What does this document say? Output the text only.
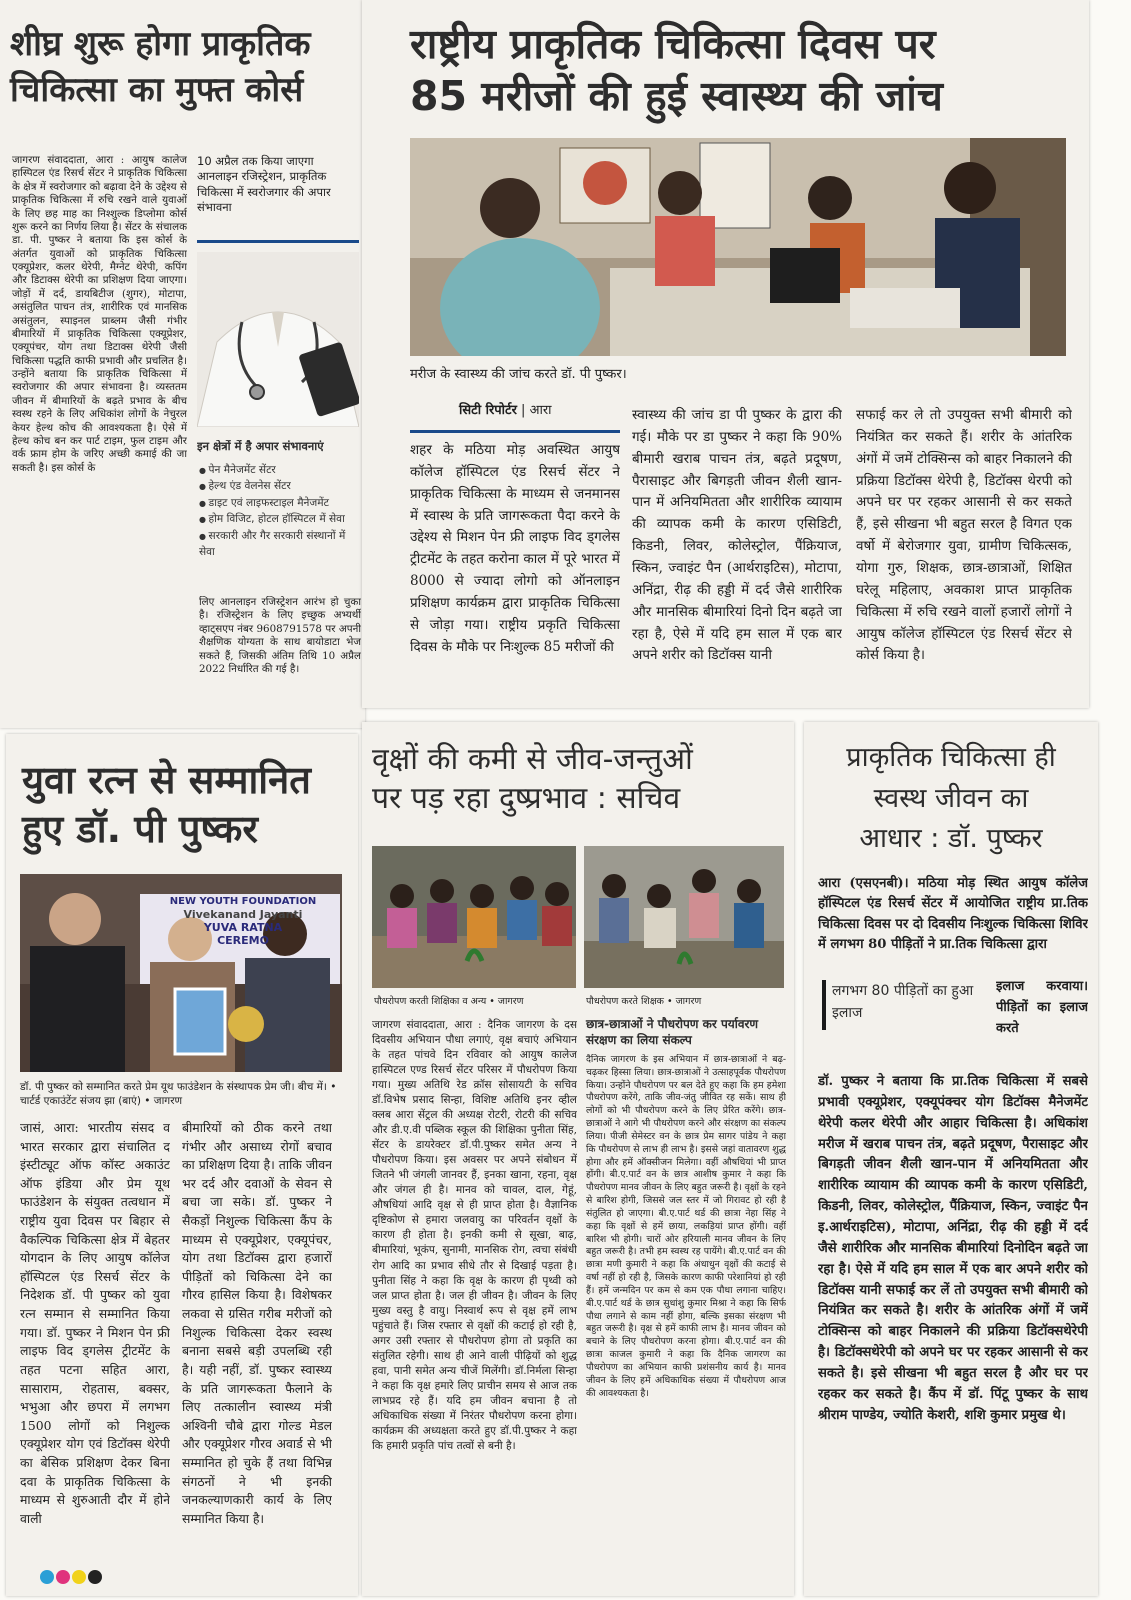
शीघ्र शुरू होगा प्राकृतिक
चिकित्सा का मुफ्त कोर्स
जागरण संवाददाता, आरा : आयुष कालेज हास्पिटल एंड रिसर्च सेंटर ने प्राकृतिक चिकित्सा के क्षेत्र में स्वरोजगार को बढ़ावा देने के उद्देश्य से प्राकृतिक चिकित्सा में रुचि रखने वाले युवाओं के लिए छह माह का निश्शुल्क डिप्लोमा कोर्स शुरू करने का निर्णय लिया है। सेंटर के संचालक डा. पी. पुष्कर ने बताया कि इस कोर्स के अंतर्गत युवाओं को प्राकृतिक चिकित्सा एक्यूप्रेशर, कलर थेरेपी, मैग्नेट थेरेपी, कपिंग और डिटाक्स थेरेपी का प्रशिक्षण दिया जाएगा। जोड़ों में दर्द, डायबिटीज (शुगर), मोटापा, असंतुलित पाचन तंत्र, शारीरिक एवं मानसिक असंतुलन, स्पाइनल प्राब्लम जैसी गंभीर बीमारियों में प्राकृतिक चिकित्सा एक्यूप्रेशर, एक्यूपंचर, योग तथा डिटाक्स थेरेपी जैसी चिकित्सा पद्धति काफी प्रभावी और प्रचलित है। उन्होंने बताया कि प्राकृतिक चिकित्सा में स्वरोजगार की अपार संभावना है। व्यस्ततम जीवन में बीमारियों के बढ़ते प्रभाव के बीच स्वस्थ रहने के लिए अधिकांश लोगों के नेचुरल केयर हेल्थ कोच की आवश्यकता है। ऐसे में हेल्थ कोच बन कर पार्ट टाइम, फुल टाइम और वर्क फ्राम होम के जरिए अच्छी कमाई की जा सकती है। इस कोर्स के
10 अप्रैल तक किया जाएगा आनलाइन रजिस्ट्रेशन, प्राकृतिक चिकित्सा में स्वरोजगार की अपार संभावना
इन क्षेत्रों में है अपार संभावनाएं
● पेन मैनेजमेंट सेंटर
● हेल्थ एंड वेलनेस सेंटर
● डाइट एवं लाइफस्टाइल मैनेजमेंट
● होम विजिट, होटल हॉस्पिटल में सेवा
● सरकारी और गैर सरकारी संस्थानों में सेवा
लिए आनलाइन रजिस्ट्रेशन आरंभ हो चुका है। रजिस्ट्रेशन के लिए इच्छुक अभ्यर्थी व्हाट्सएप नंबर 9608791578 पर अपनी शैक्षणिक योग्यता के साथ बायोडाटा भेज सकते हैं, जिसकी अंतिम तिथि 10 अप्रैल 2022 निर्धारित की गई है।
राष्ट्रीय प्राकृतिक चिकित्सा दिवस पर
85 मरीजों की हुई स्वास्थ्य की जांच
मरीज के स्वास्थ्य की जांच करते डॉ. पी पुष्कर।
सिटी रिपोर्टर | आरा
शहर के मठिया मोड़ अवस्थित आयुष कॉलेज हॉस्पिटल एंड रिसर्च सेंटर ने प्राकृतिक चिकित्सा के माध्यम से जनमानस में स्वास्थ के प्रति जागरूकता पैदा करने के उद्देश्य से मिशन पेन फ्री लाइफ विद ड्गलेस ट्रीटमेंट के तहत करोना काल में पूरे भारत में 8000 से ज्यादा लोगो को ऑनलाइन प्रशिक्षण कार्यक्रम द्वारा प्राकृतिक चिकित्सा से जोड़ा गया। राष्ट्रीय प्रकृति चिकित्सा दिवस के मौके पर निःशुल्क 85 मरीजों की
स्वास्थ्य की जांच डा पी पुष्कर के द्वारा की गई। मौके पर डा पुष्कर ने कहा कि 90% बीमारी खराब पाचन तंत्र, बढ़ते प्रदूषण, पैरासाइट और बिगड़ती जीवन शैली खान-पान में अनियमितता और शारीरिक व्यायाम की व्यापक कमी के कारण एसिडिटी, किडनी, लिवर, कोलेस्ट्रोल, पैंक्रियाज, स्किन, ज्वाइंट पैन (आर्थराइटिस), मोटापा, अनिंद्रा, रीढ़ की हड्डी में दर्द जैसे शारीरिक और मानसिक बीमारियां दिनो दिन बढ़ते जा रहा है, ऐसे में यदि हम साल में एक बार अपने शरीर को डिटॉक्स यानी
सफाई कर ले तो उपयुक्त सभी बीमारी को नियंत्रित कर सकते हैं। शरीर के आंतरिक अंगों में जमें टोक्सिन्स को बाहर निकालने की प्रक्रिया डिटॉक्स थेरेपी है, डिटॉक्स थेरपी को अपने घर पर रहकर आसानी से कर सकते हैं, इसे सीखना भी बहुत सरल है विगत एक वर्षो में बेरोजगार युवा, ग्रामीण चिकित्सक, योगा गुरु, शिक्षक, छात्र-छात्राओं, शिक्षित घरेलू महिलाए, अवकाश प्राप्त प्राकृतिक चिकित्सा में रुचि रखने वालों हजारों लोगों ने आयुष कॉलेज हॉस्पिटल एंड रिसर्च सेंटर से कोर्स किया है।
युवा रत्न से सम्मानित
हुए डॉ. पी पुष्कर
NEW YOUTH FOUNDATION
Vivekanand Jayanti
YUVA RATNA
CEREMO
डॉ. पी पुष्कर को सम्मानित करते प्रेम यूथ फाउंडेशन के संस्थापक प्रेम जी। बीच में। • चार्टर्ड एकाउंटेंट संजय झा (बाएं) • जागरण
जासं, आरा: भारतीय संसद व भारत सरकार द्वारा संचालित द इंस्टीट्यूट ऑफ कॉस्ट अकाउंट ऑफ इंडिया और प्रेम यूथ फाउंडेशन के संयुक्त तत्वधान में राष्ट्रीय युवा दिवस पर बिहार से वैकल्पिक चिकित्सा क्षेत्र में बेहतर योगदान के लिए आयुष कॉलेज हॉस्पिटल एंड रिसर्च सेंटर के निदेशक डॉ. पी पुष्कर को युवा रत्न सम्मान से सम्मानित किया गया। डॉ. पुष्कर ने मिशन पेन फ्री लाइफ विद ड्गलेस ट्रीटमेंट के तहत पटना सहित आरा, सासाराम, रोहतास, बक्सर, भभुआ और छपरा में लगभग 1500 लोगों को निशुल्क एक्यूप्रेशर योग एवं डिटॉक्स थेरेपी का बेसिक प्रशिक्षण देकर बिना दवा के प्राकृतिक चिकित्सा के माध्यम से शुरुआती दौर में होने वाली
बीमारियों को ठीक करने तथा गंभीर और असाध्य रोगों बचाव का प्रशिक्षण दिया है। ताकि जीवन भर दर्द और दवाओं के सेवन से बचा जा सके। डॉ. पुष्कर ने सैकड़ों निशुल्क चिकित्सा कैंप के माध्यम से एक्यूप्रेशर, एक्यूपंचर, योग तथा डिटॉक्स द्वारा हजारों पीड़ितों को चिकित्सा देने का गौरव हासिल किया है। विशेषकर लकवा से ग्रसित गरीब मरीजों को निशुल्क चिकित्सा देकर स्वस्थ बनाना सबसे बड़ी उपलब्धि रही है। यही नहीं, डॉ. पुष्कर स्वास्थ्य के प्रति जागरूकता फैलाने के लिए तत्कालीन स्वास्थ्य मंत्री अश्विनी चौबे द्वारा गोल्ड मेडल और एक्यूप्रेशर गौरव अवार्ड से भी सम्मानित हो चुके हैं तथा विभिन्न संगठनों ने भी इनकी जनकल्याणकारी कार्य के लिए सम्मानित किया है।
वृक्षों की कमी से जीव-जन्तुओं
पर पड़ रहा दुष्प्रभाव : सचिव
पौधरोपण करती शिक्षिका व अन्य • जागरण	पौधरोपण करते शिक्षक • जागरण
जागरण संवाददाता, आरा : दैनिक जागरण के दस दिवसीय अभियान पौधा लगाएं, वृक्ष बचाएं अभियान के तहत पांचवे दिन रविवार को आयुष कालेज हास्पिटल एण्ड रिसर्च सेंटर परिसर में पौधरोपण किया गया। मुख्य अतिथि रेड क्रॉस सोसायटी के सचिव डॉ.विभेष प्रसाद सिन्हा, विशिष्ट अतिथि इनर व्हील क्लब आरा सेंट्रल की अध्यक्ष रोटरी, रोटरी की सचिव और डी.ए.वी पब्लिक स्कूल की शिक्षिका पुनीता सिंह, सेंटर के डायरेक्टर डॉ.पी.पुष्कर समेत अन्य ने पौधरोपण किया। इस अवसर पर अपने संबोधन में जितने भी जंगली जानवर हैं, इनका खाना, रहना, वृक्ष और जंगल ही है। मानव को चावल, दाल, गेहूं, औषधियां आदि वृक्ष से ही प्राप्त होता है। वैज्ञानिक दृष्टिकोण से हमारा जलवायु का परिवर्तन वृक्षों के कारण ही होता है। इनकी कमी से सूखा, बाढ़, बीमारियां, भूकंप, सुनामी, मानसिक रोग, त्वचा संबंधी रोग आदि का प्रभाव सीधे तौर से दिखाई पड़ता है। पुनीता सिंह ने कहा कि वृक्ष के कारण ही पृथ्वी को जल प्राप्त होता है। जल ही जीवन है। जीवन के लिए मुख्य वस्तु है वायु। निस्वार्थ रूप से वृक्ष हमें लाभ पहुंचाते हैं। जिस रफ्तार से वृक्षों की कटाई हो रही है, अगर उसी रफ्तार से पौधरोपण होगा तो प्रकृति का संतुलित रहेगी। साथ ही आने वाली पीढ़ियों को शुद्ध हवा, पानी समेत अन्य चीजें मिलेंगी। डॉ.निर्मला सिन्हा ने कहा कि वृक्ष हमारे लिए प्राचीन समय से आज तक लाभप्रद रहे हैं। यदि हम जीवन बचाना है तो अधिकाधिक संख्या में निरंतर पौधरोपण करना होगा। कार्यक्रम की अध्यक्षता करते हुए डॉ.पी.पुष्कर ने कहा कि हमारी प्रकृति पांच तत्वों से बनी है।
छात्र-छात्राओं ने पौधरोपण कर पर्यावरण संरक्षण का लिया संकल्प
दैनिक जागरण के इस अभियान में छात्र-छात्राओं ने बढ़-चढ़कर हिस्सा लिया। छात्र-छात्राओं ने उत्साहपूर्वक पौधरोपण किया। उन्होंने पौधरोपण पर बल देते हुए कहा कि हम हमेशा पौधरोपण करेंगे, ताकि जीव-जंतु जीवित रह सकें। साथ ही लोगों को भी पौधरोपण करने के लिए प्रेरित करेंगे। छात्र-छात्राओं ने आगे भी पौधरोपण करने और संरक्षण का संकल्प लिया। पीजी सेमेस्टर वन के छात्र प्रेम सागर पांडेय ने कहा कि पौधरोपण से लाभ ही लाभ है। इससे जहां वातावरण शुद्ध होगा और हमें ऑक्सीजन मिलेगा। वहीं औषधियां भी प्राप्त होंगी। बी.ए.पार्ट वन के छात्र आशीष कुमार ने कहा कि पौधरोपण मानव जीवन के लिए बहुत जरूरी है। वृक्षों के रहने से बारिश होगी, जिससे जल स्तर में जो गिरावट हो रही है संतुलित हो जाएगा। बी.ए.पार्ट थर्ड की छात्रा नेहा सिंह ने कहा कि वृक्षों से हमें छाया, लकड़ियां प्राप्त होंगी। वहीं बारिश भी होगी। चारों ओर हरियाली मानव जीवन के लिए बहुत जरूरी है। तभी हम स्वस्थ रह पायेंगे। बी.ए.पार्ट वन की छात्रा मणी कुमारी ने कहा कि अंधाधुन वृक्षों की कटाई से वर्षा नहीं हो रही है, जिसके कारण काफी परेशानियां हो रही हैं। हमें जन्मदिन पर कम से कम एक पौधा लगाना चाहिए। बी.ए.पार्ट थर्ड के छात्र सुधांशु कुमार मिश्रा ने कहा कि सिर्फ पौधा लगाने से काम नहीं होगा, बल्कि इसका संरक्षण भी बहुत जरूरी है। वृक्ष से हमें काफी लाभ है। मानव जीवन को बचाने के लिए पौधरोपण करना होगा। बी.ए.पार्ट वन की छात्रा काजल कुमारी ने कहा कि दैनिक जागरण का पौधरोपण का अभियान काफी प्रशंसनीय कार्य है। मानव जीवन के लिए हमें अधिकाधिक संख्या में पौधरोपण आज की आवश्यकता है।
प्राकृतिक चिकित्सा ही
स्वस्थ जीवन का
आधार : डॉ. पुष्कर
आरा (एसएनबी)। मठिया मोड़ स्थित आयुष कॉलेज हॉस्पिटल एंड रिसर्च सेंटर में आयोजित राष्ट्रीय प्रा.तिक चिकित्सा दिवस पर दो दिवसीय निःशुल्क चिकित्सा शिविर में लगभग 80 पीड़ितों ने प्रा.तिक चिकित्सा द्वारा
लगभग 80 पीड़ितों का हुआ इलाज
इलाज करवाया। पीड़ितों का इलाज करते
डॉ. पुष्कर ने बताया कि प्रा.तिक चिकित्सा में सबसे प्रभावी एक्यूप्रेशर, एक्यूपंक्चर योग डिटॉक्स मैनेजमेंट थेरेपी कलर थेरेपी और आहार चिकित्सा है। अधिकांश मरीज में खराब पाचन तंत्र, बढ़ते प्रदूषण, पैरासाइट और बिगड़ती जीवन शैली खान-पान में अनियमितता और शारीरिक व्यायाम की व्यापक कमी के कारण एसिडिटी, किडनी, लिवर, कोलेस्ट्रोल, पैंक्रियाज, स्किन, ज्वाइंट पैन इ.आर्थराइटिस), मोटापा, अनिंद्रा, रीढ़ की हड्डी में दर्द जैसे शारीरिक और मानसिक बीमारियां दिनोदिन बढ़ते जा रहा है। ऐसे में यदि हम साल में एक बार अपने शरीर को डिटॉक्स यानी सफाई कर लें तो उपयुक्त सभी बीमारी को नियंत्रित कर सकते है। शरीर के आंतरिक अंगों में जमें टोक्सिन्स को बाहर निकालने की प्रक्रिया डिटॉक्सथेरेपी है। डिटॉक्सथेरेपी को अपने घर पर रहकर आसानी से कर सकते है। इसे सीखना भी बहुत सरल है और घर पर रहकर कर सकते है। कैंप में डॉ. पिंटू पुष्कर के साथ श्रीराम पाण्डेय, ज्योति केशरी, शशि कुमार प्रमुख थे।
